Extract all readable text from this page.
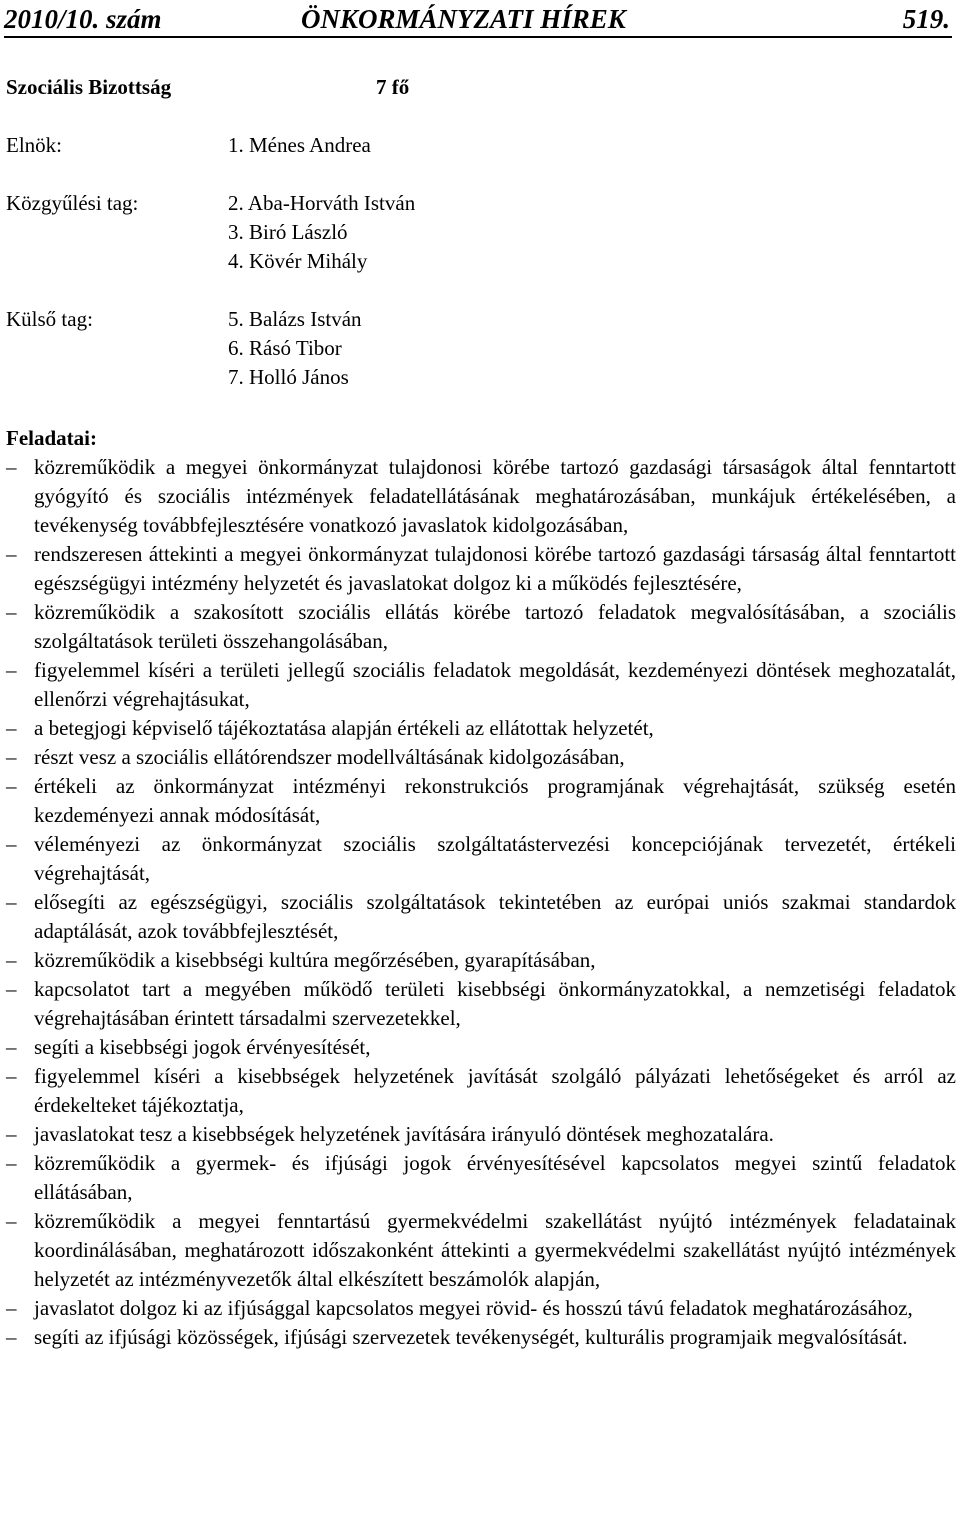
2010/10. szám	ÖNKORMÁNYZATI HÍREK	519.
Szociális Bizottság	7 fő
Elnök:	1. Ménes Andrea
Közgyűlési tag:	2. Aba-Horváth István
3. Biró László
4. Kövér Mihály
Külső tag:	5. Balázs István
6. Rásó Tibor
7. Holló János
Feladatai:
– közreműködik a megyei önkormányzat tulajdonosi körébe tartozó gazdasági társaságok által fenntartott gyógyító és szociális intézmények feladatellátásának meghatározásában, munkájuk értékelésében, a tevékenység továbbfejlesztésére vonatkozó javaslatok kidolgozásában,
– rendszeresen áttekinti a megyei önkormányzat tulajdonosi körébe tartozó gazdasági társaság által fenntartott egészségügyi intézmény helyzetét és javaslatokat dolgoz ki a működés fejlesztésére,
– közreműködik a szakosított szociális ellátás körébe tartozó feladatok megvalósításában, a szociális szolgáltatások területi összehangolásában,
– figyelemmel kíséri a területi jellegű szociális feladatok megoldását, kezdeményezi döntések meghozatalát, ellenőrzi végrehajtásukat,
– a betegjogi képviselő tájékoztatása alapján értékeli az ellátottak helyzetét,
– részt vesz a szociális ellátórendszer modellváltásának kidolgozásában,
– értékeli az önkormányzat intézményi rekonstrukciós programjának végrehajtását, szükség esetén kezdeményezi annak módosítását,
– véleményezi az önkormányzat szociális szolgáltatástervezési koncepciójának tervezetét, értékeli végrehajtását,
– elősegíti az egészségügyi, szociális szolgáltatások tekintetében az európai uniós szakmai standardok adaptálását, azok továbbfejlesztését,
– közreműködik a kisebbségi kultúra megőrzésében, gyarapításában,
– kapcsolatot tart a megyében működő területi kisebbségi önkormányzatokkal, a nemzetiségi feladatok végrehajtásában érintett társadalmi szervezetekkel,
– segíti a kisebbségi jogok érvényesítését,
– figyelemmel kíséri a kisebbségek helyzetének javítását szolgáló pályázati lehetőségeket és arról az érdekelteket tájékoztatja,
– javaslatokat tesz a kisebbségek helyzetének javítására irányuló döntések meghozatalára.
– közreműködik a gyermek- és ifjúsági jogok érvényesítésével kapcsolatos megyei szintű feladatok ellátásában,
– közreműködik a megyei fenntartású gyermekvédelmi szakellátást nyújtó intézmények feladatainak koordinálásában, meghatározott időszakonként áttekinti a gyermekvédelmi szakellátást nyújtó intézmények helyzetét az intézményvezetők által elkészített beszámolók alapján,
– javaslatot dolgoz ki az ifjúsággal kapcsolatos megyei rövid- és hosszú távú feladatok meghatározásához,
– segíti az ifjúsági közösségek, ifjúsági szervezetek tevékenységét, kulturális programjaik megvalósítását.
